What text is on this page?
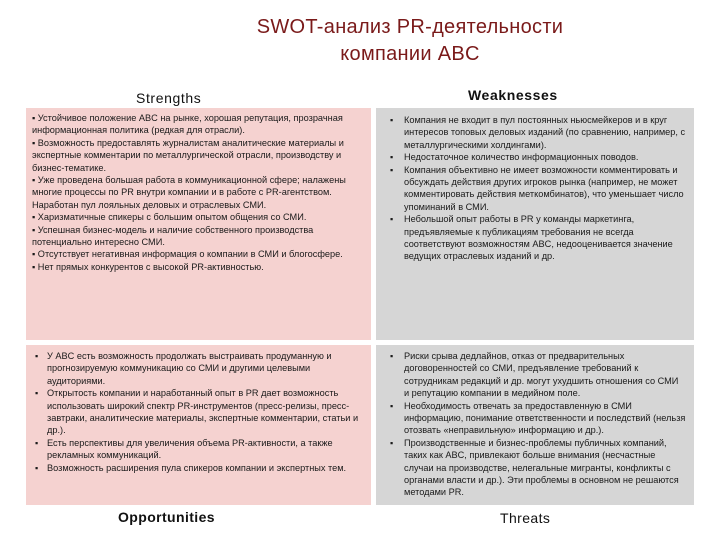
SWOT-анализ PR-деятельности
компании ABC
Strengths	Weaknesses

▪ Устойчивое положение ABC на рынке, хорошая репутация, прозрачная информационная политика (редкая для отрасли).

▪ Возможность предоставлять журналистам аналитические материалы и экспертные комментарии по металлургической отрасли, производству и бизнес-тематике.

▪ Уже проведена большая работа в коммуникационной сфере; налажены многие процессы по PR внутри компании и в работе с PR-агентством. Наработан пул лояльных деловых и отраслевых СМИ.

▪ Харизматичные спикеры с большим опытом общения со СМИ.

▪ Успешная бизнес-модель и наличие собственного производства потенциально интересно СМИ.

▪ Отсутствует негативная информация о компании в СМИ и блогосфере.

▪ Нет прямых конкурентов с высокой PR-активностью.

▪ Компания не входит в пул постоянных ньюсмейкеров и в круг интересов топовых деловых изданий (по сравнению, например, с металлургическими холдингами).
▪ Недостаточное количество информационных поводов.
▪ Компания объективно не имеет возможности комментировать и обсуждать действия других игроков рынка (например, не может комментировать действия меткомбинатов), что уменьшает число упоминаний в СМИ.
▪ Небольшой опыт работы в PR у команды маркетинга, предъявляемые к публикациям требования не всегда соответствуют возможностям ABC, недооценивается значение ведущих отраслевых изданий и др.
▪ У ABC есть возможность продолжать выстраивать продуманную и прогнозируемую коммуникацию со СМИ и другими целевыми аудиториями.
▪ Открытость компании и наработанный опыт в PR дает возможность использовать широкий спектр PR-инструментов (пресс-релизы, пресс-завтраки, аналитические материалы, экспертные комментарии, статьи и др.).
▪ Есть перспективы для увеличения объема PR-активности, а также рекламных коммуникаций.
▪ Возможность расширения пула спикеров компании и экспертных тем.
▪ Риски срыва дедлайнов, отказ от предварительных договоренностей со СМИ, предъявление требований к сотрудникам редакций и др. могут ухудшить отношения со СМИ и репутацию компании в медийном поле.
▪ Необходимость отвечать за предоставленную в СМИ информацию, понимание ответственности и последствий (нельзя отозвать «неправильную» информацию и др.).
▪ Производственные и бизнес-проблемы публичных компаний, таких как ABC, привлекают больше внимания (несчастные случаи на производстве, нелегальные мигранты, конфликты с органами власти и др.). Эти проблемы в основном не решаются методами PR.
Opportunities	Threats
